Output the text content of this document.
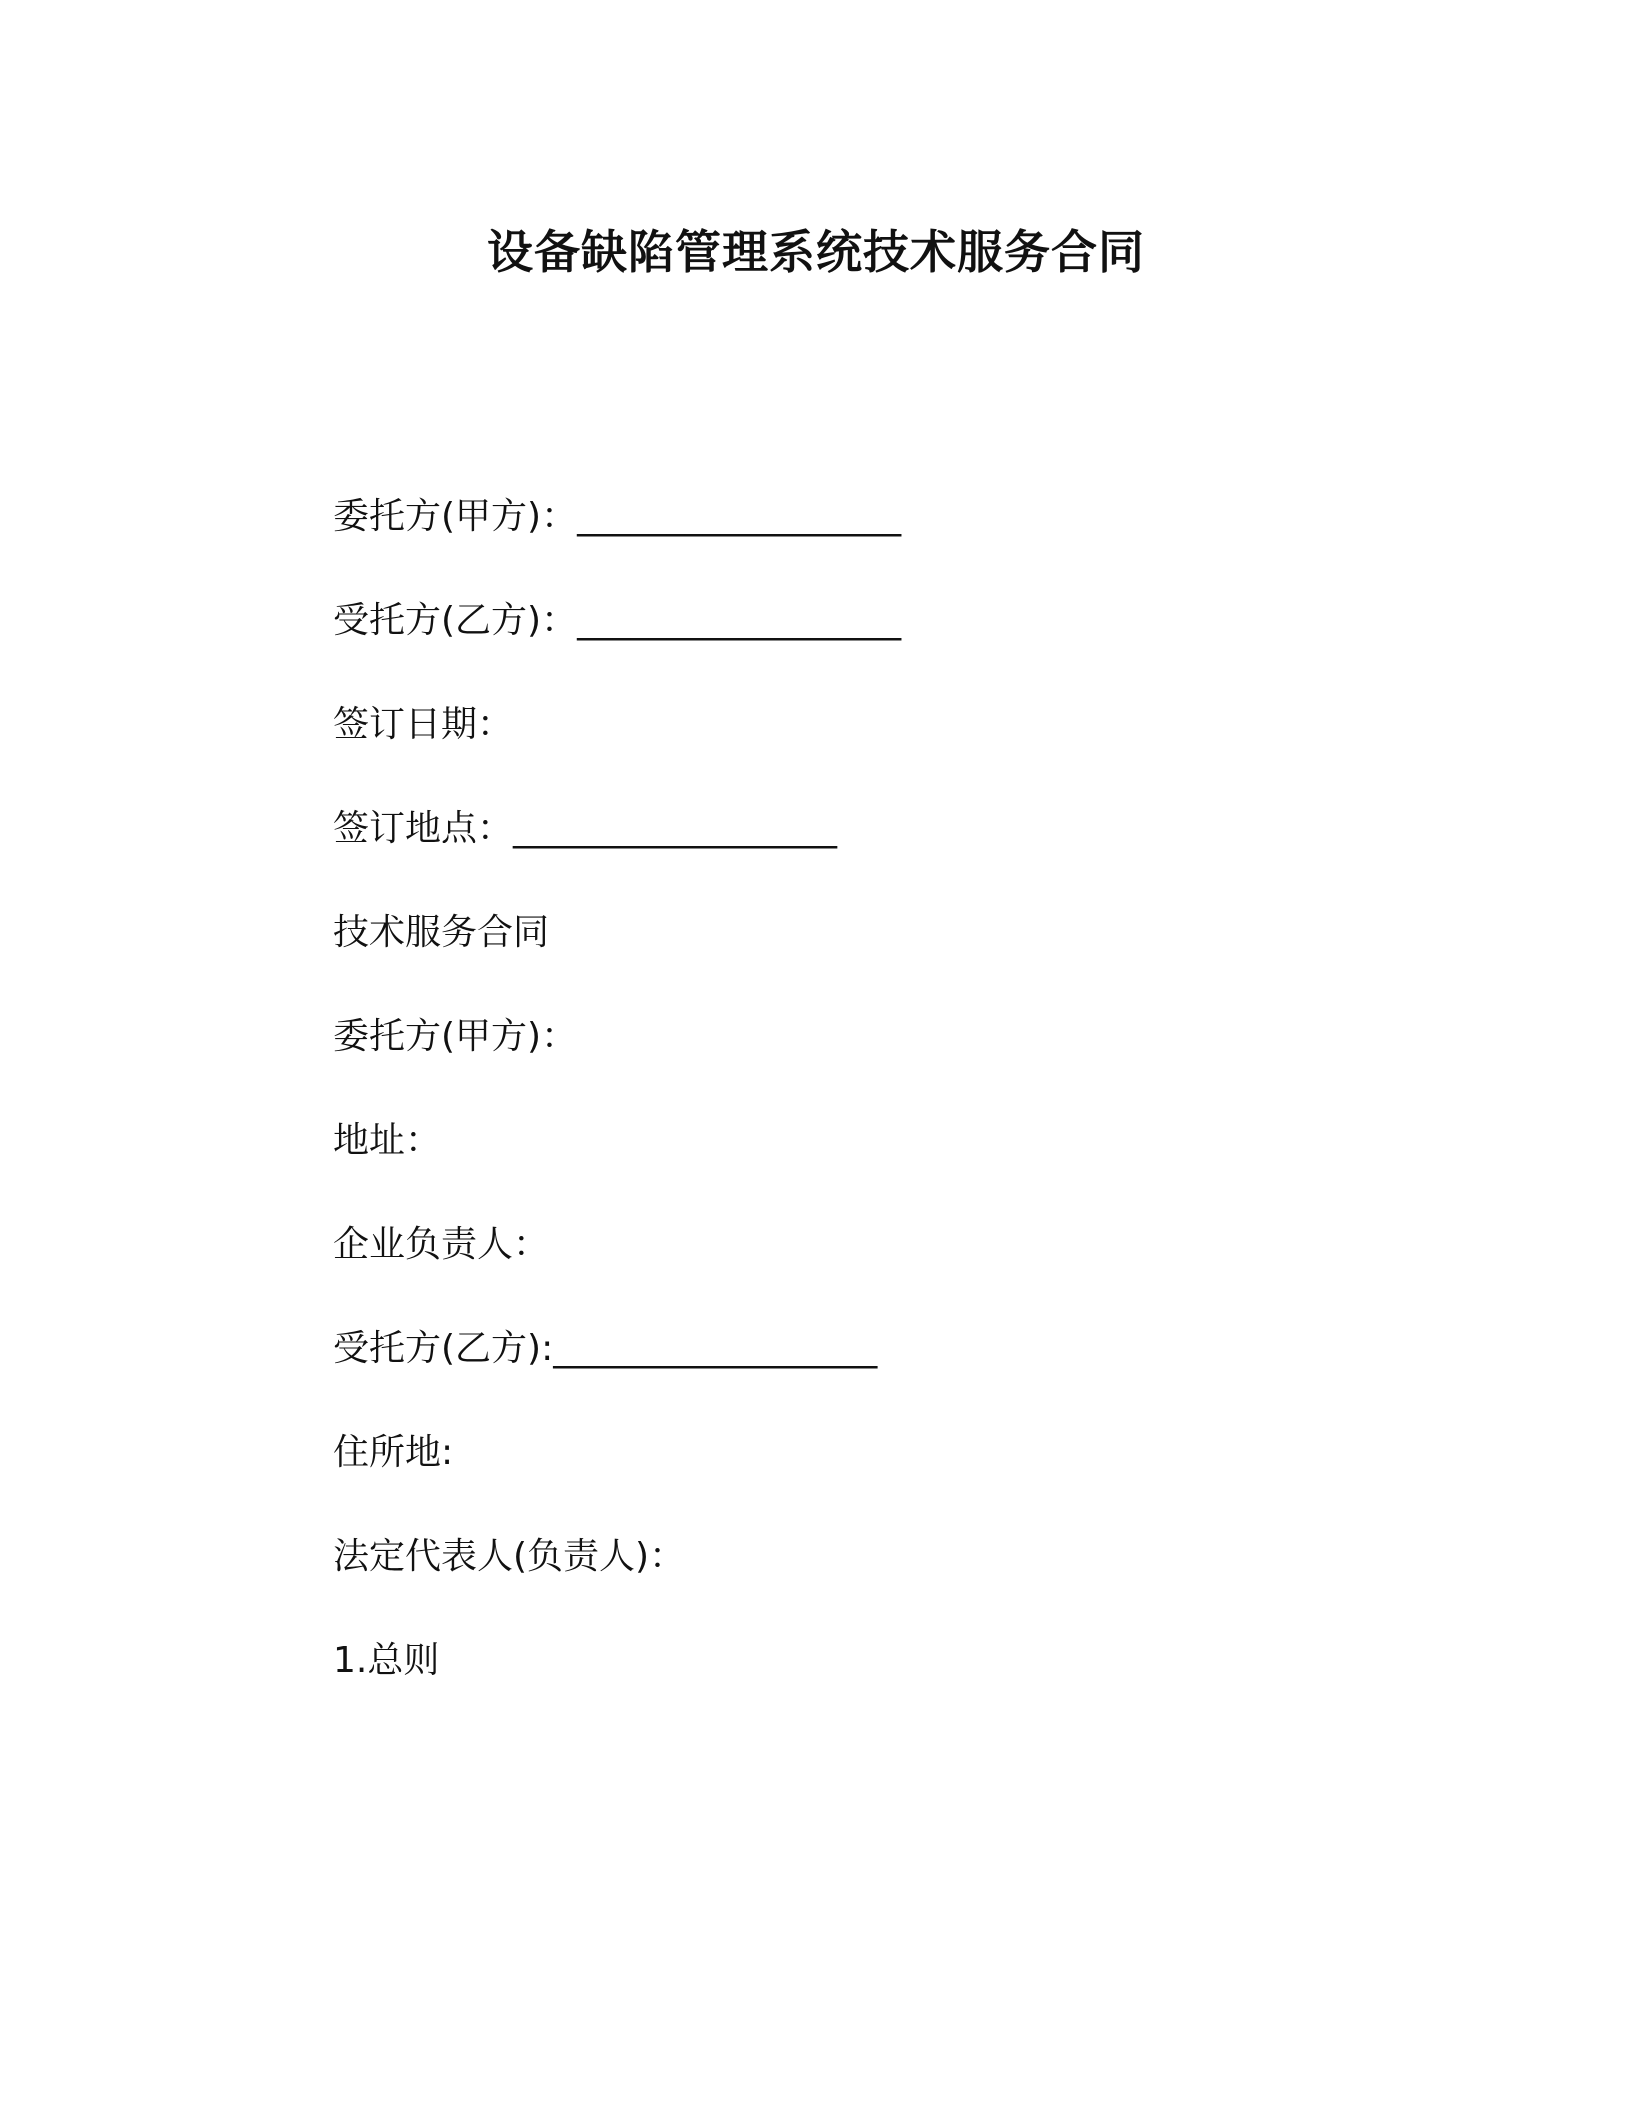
设备缺陷管理系统技术服务合同
委托方(甲方)：__________________
受托方(乙方)：__________________
签订日期：
签订地点：__________________
技术服务合同
委托方(甲方)：
地址：
企业负责人：
受托方(乙方):__________________
住所地:
法定代表人(负责人)：
1.总则
